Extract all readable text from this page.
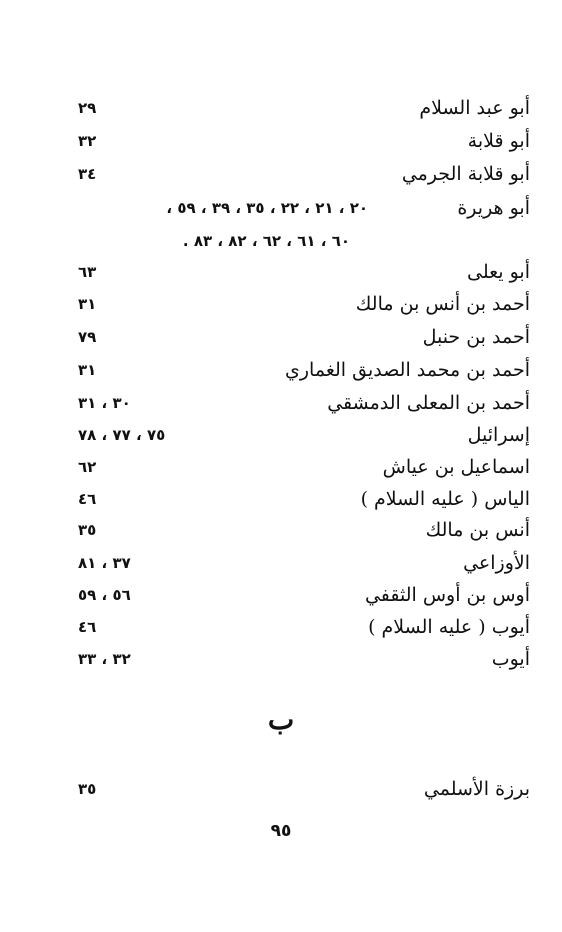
أبو عبد السلام
٢٩
أبو قلابة
٣٢
أبو قلابة الجرمي
٣٤
أبو هريرة
٢٠ ، ٢١ ، ٢٢ ، ٣٥ ، ٣٩ ، ٥٩ ،
٦٠ ، ٦١ ، ٦٢ ، ٨٢ ، ٨٣ .
أبو يعلى
٦٣
أحمد بن أنس بن مالك
٣١
أحمد بن حنبل
٧٩
أحمد بن محمد الصديق الغماري
٣١
أحمد بن المعلى الدمشقي
٣٠ ، ٣١
إسرائيل
٧٥ ، ٧٧ ، ٧٨
اسماعيل بن عياش
٦٢
الياس ( عليه السلام )
٤٦
أنس بن مالك
٣٥
الأوزاعي
٣٧ ، ٨١
أوس بن أوس الثقفي
٥٦ ، ٥٩
أيوب ( عليه السلام )
٤٦
أيوب
٣٢ ، ٣٣
ب
برزة الأسلمي
٣٥
٩٥
